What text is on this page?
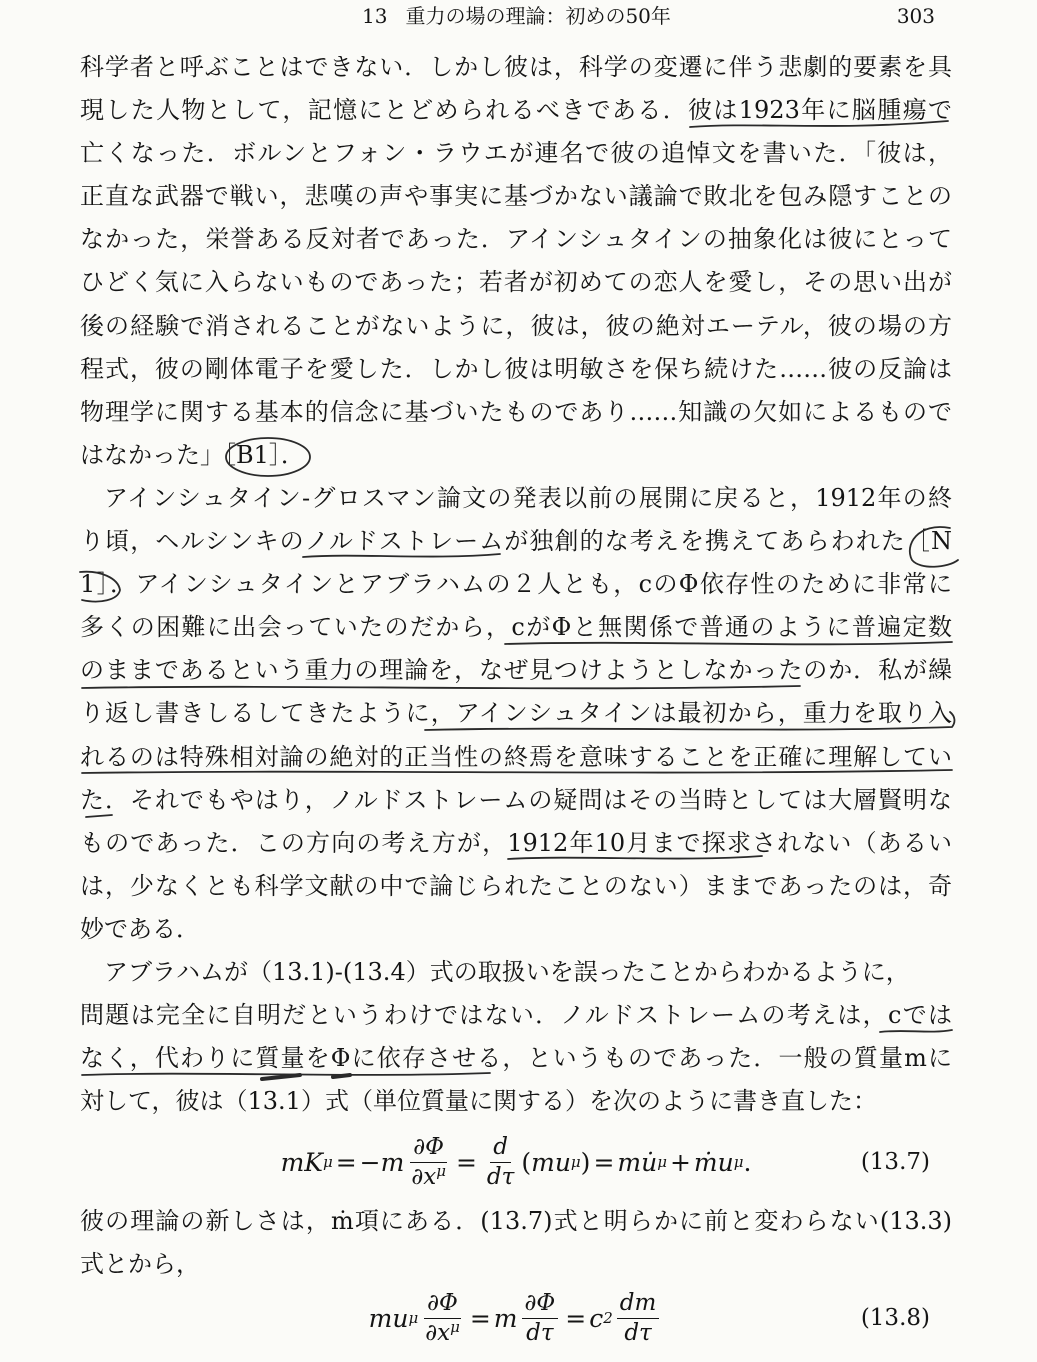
13 重力の場の理論：初めの50年	303
科学者と呼ぶことはできない．しかし彼は，科学の変遷に伴う悲劇的要素を具
現した人物として，記憶にとどめられるべきである．彼は1923年に脳腫瘍で
亡くなった．ボルンとフォン・ラウエが連名で彼の追悼文を書いた．「彼は，
正直な武器で戦い，悲嘆の声や事実に基づかない議論で敗北を包み隠すことの
なかった，栄誉ある反対者であった．アインシュタインの抽象化は彼にとって
ひどく気に入らないものであった；若者が初めての恋人を愛し，その思い出が
後の経験で消されることがないように，彼は，彼の絶対エーテル，彼の場の方
程式，彼の剛体電子を愛した．しかし彼は明敏さを保ち続けた……彼の反論は
物理学に関する基本的信念に基づいたものであり……知識の欠如によるもので
はなかった」［B1］．
アインシュタイン-グロスマン論文の発表以前の展開に戻ると，1912年の終
り頃，ヘルシンキのノルドストレームが独創的な考えを携えてあらわれた［N
1］．アインシュタインとアブラハムの２人とも，cのΦ依存性のために非常に
多くの困難に出会っていたのだから，cがΦと無関係で普通のように普遍定数
のままであるという重力の理論を，なぜ見つけようとしなかったのか．私が繰
り返し書きしるしてきたように，アインシュタインは最初から，重力を取り入
れるのは特殊相対論の絶対的正当性の終焉を意味することを正確に理解してい
た．それでもやはり，ノルドストレームの疑問はその当時としては大層賢明な
ものであった．この方向の考え方が，1912年10月まで探求されない（あるい
は，少なくとも科学文献の中で論じられたことのない）ままであったのは，奇
妙である．
アブラハムが（13.1)-(13.4）式の取扱いを誤ったことからわかるように，
問題は完全に自明だというわけではない．ノルドストレームの考えは，cでは
なく，代わりに質量をΦに依存させる，というものであった．一般の質量mに
対して，彼は（13.1）式（単位質量に関する）を次のように書き直した：
mK $\mu = -m \frac{\partial\Phi}{\partial x^\mu} = \frac{d}{d\tau}$ ( mu μ ) = mu̇ μ + ṁu μ .	(13.7)
彼の理論の新しさは，ṁ項にある．(13.7)式と明らかに前と変わらない(13.3)
式とから，
mu μ $\frac{\partial\Phi}{\partial x^\mu} = m \frac{\partial\Phi}{d\tau} = c$ $2 \frac{dm}{d\tau}$	(13.8)
